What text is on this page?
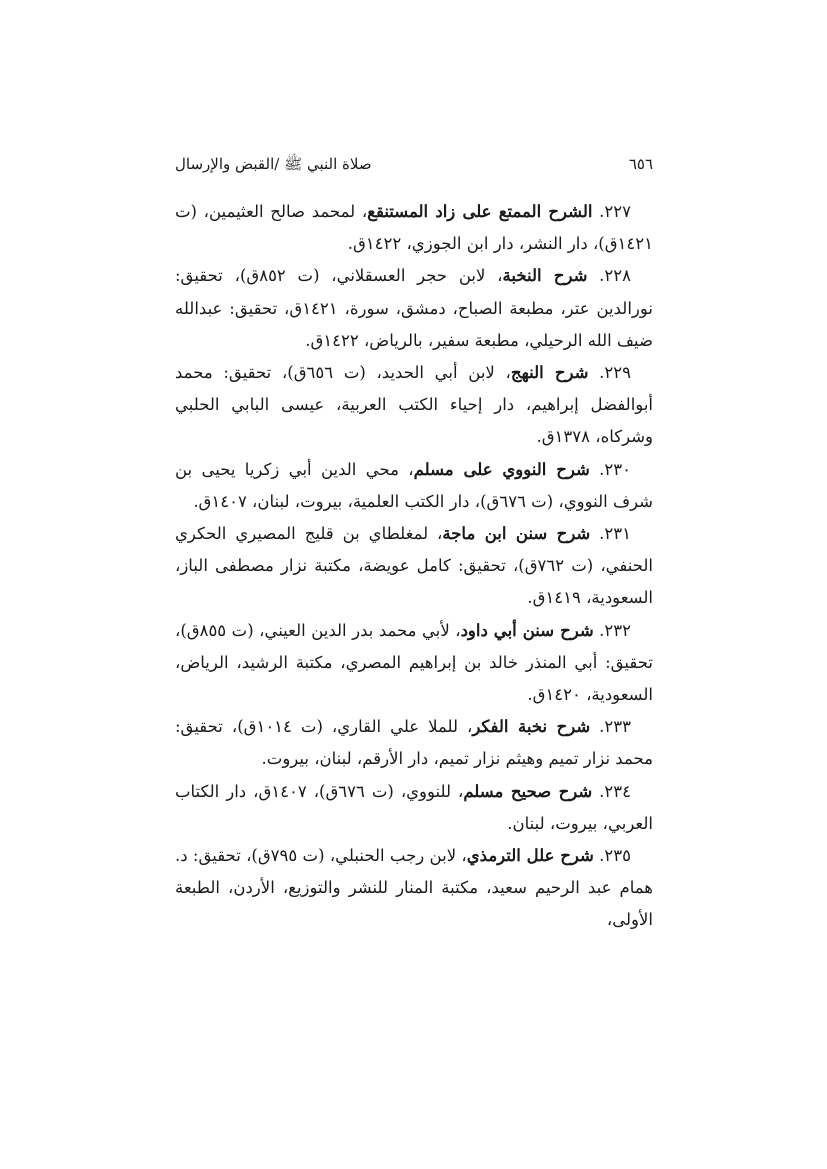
٦٥٦
صلاة النبي ﷺ /القبض والإرسال

٢٢٧. الشرح الممتع على زاد المستنقع، لمحمد صالح العثيمين، (ت ١٤٢١ق)، دار النشر، دار ابن الجوزي، ١٤٢٢ق.

٢٢٨. شرح النخبة، لابن حجر العسقلاني، (ت ٨٥٢ق)، تحقيق: نورالدين عتر، مطبعة الصباح، دمشق، سورة، ١٤٢١ق، تحقيق: عبدالله ضيف الله الرحيلي، مطبعة سفير، بالرياض، ١٤٢٢ق.

٢٢٩. شرح النهج، لابن أبي الحديد، (ت ٦٥٦ق)، تحقيق: محمد أبوالفضل إبراهيم، دار إحياء الكتب العربية، عيسى البابي الحلبي وشركاه، ١٣٧٨ق.

٢٣٠. شرح النووي على مسلم، محي الدين أبي زكريا يحيى بن شرف النووي، (ت ٦٧٦ق)، دار الكتب العلمية، بيروت، لبنان، ١٤٠٧ق.

٢٣١. شرح سنن ابن ماجة، لمغلطاي بن قليج المصيري الحكري الحنفي، (ت ٧٦٢ق)، تحقيق: كامل عويضة، مكتبة نزار مصطفى الباز، السعودية، ١٤١٩ق.

٢٣٢. شرح سنن أبي داود، لأبي محمد بدر الدين العيني، (ت ٨٥٥ق)، تحقيق: أبي المنذر خالد بن إبراهيم المصري، مكتبة الرشيد، الرياض، السعودية، ١٤٢٠ق.

٢٣٣. شرح نخبة الفكر، للملا علي القاري، (ت ١٠١٤ق)، تحقيق: محمد نزار تميم وهيثم نزار تميم، دار الأرقم، لبنان، بيروت.

٢٣٤. شرح صحيح مسلم، للنووي، (ت ٦٧٦ق)، ١٤٠٧ق، دار الكتاب العربي، بيروت، لبنان.

٢٣٥. شرح علل الترمذي، لابن رجب الحنبلي، (ت ٧٩٥ق)، تحقيق: د. همام عبد الرحيم سعيد، مكتبة المنار للنشر والتوزيع، الأردن، الطبعة الأولى،
